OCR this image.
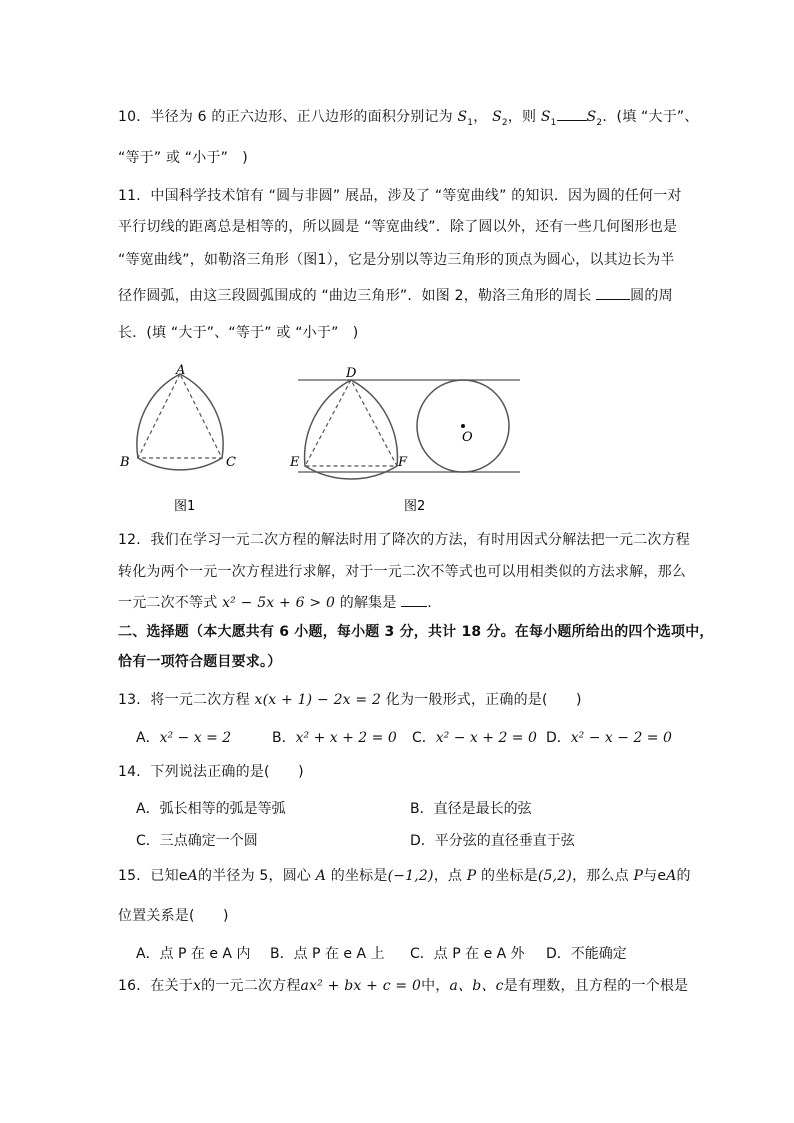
10．半径为 6 的正六边形、正八边形的面积分别记为 $S_1$， $S_2$，则 $S_1$ $S_2$．(填 “大于”、
“等于” 或 “小于”　)
11．中国科学技术馆有 “圆与非圆” 展品，涉及了 “等宽曲线” 的知识．因为圆的任何一对
平行切线的距离总是相等的，所以圆是 “等宽曲线”．除了圆以外，还有一些几何图形也是
“等宽曲线”，如勒洛三角形（图1），它是分别以等边三角形的顶点为圆心，以其边长为半
径作圆弧，由这三段圆弧围成的 “曲边三角形”．如图 2，勒洛三角形的周长	圆的周
长．(填 “大于”、“等于” 或 “小于”　)
A
B	C
图1
D
E	F
O
图2
12．我们在学习一元二次方程的解法时用了降次的方法，有时用因式分解法把一元二次方程
转化为两个一元一次方程进行求解，对于一元二次不等式也可以用相类似的方法求解，那么
一元二次不等式 x² − 5x + 6 > 0 的解集是 .
二、选择题（本大愿共有 6 小题，每小题 3 分，共计 18 分。在每小题所给出的四个选项中，
恰有一项符合题目要求。）
13．将一元二次方程 x(x + 1) − 2x = 2 化为一般形式，正确的是(　　)
A．x² − x = 2	B．x² + x + 2 = 0 C．x² − x + 2 = 0 D．x² − x − 2 = 0
14．下列说法正确的是(　　)
A．弧长相等的弧是等弧	B．直径是最长的弦
C．三点确定一个圆	D．平分弦的直径垂直于弦
15．已知eA的半径为 5，圆心 A 的坐标是(−1,2)，点 P 的坐标是(5,2)，那么点 P与eA的
位置关系是(　　)
A．点 P 在 e A 内 B．点 P 在 e A 上 C．点 P 在 e A 外 D．不能确定
16．在关于x的一元二次方程ax² + bx + c = 0中，a、b、c是有理数，且方程的一个根是
